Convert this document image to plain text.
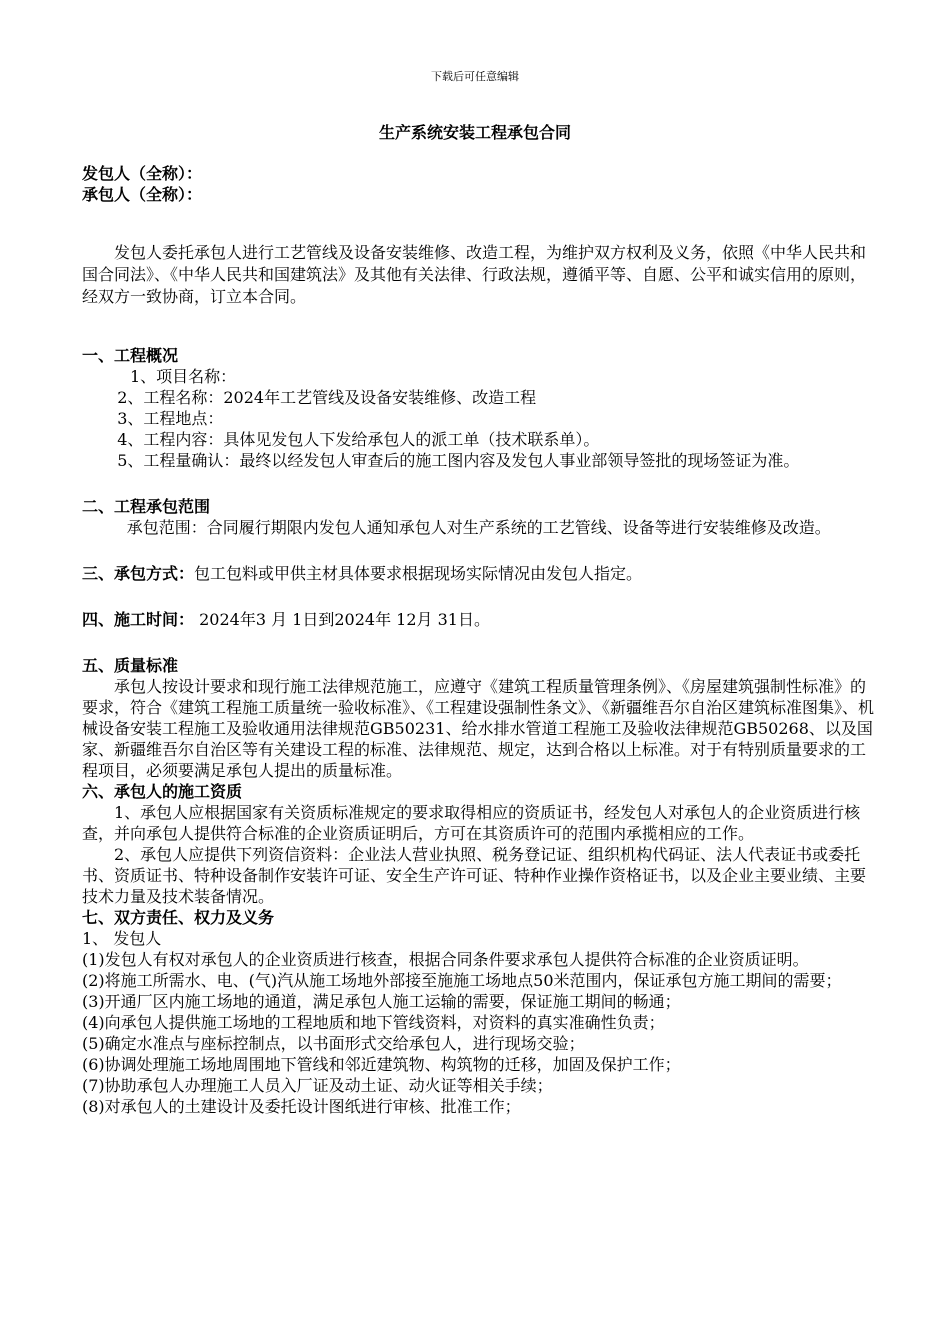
下载后可任意编辑
生产系统安装工程承包合同

发包人（全称）：

承包人（全称）：

发包人委托承包人进行工艺管线及设备安装维修、改造工程，为维护双方权利及义务，依照《中华人民共和国合同法》、《中华人民共和国建筑法》及其他有关法律、行政法规，遵循平等、自愿、公平和诚实信用的原则，经双方一致协商，订立本合同。

一、工程概况

1、项目名称：

2、工程名称：2024年工艺管线及设备安装维修、改造工程

3、工程地点：

4、工程内容：具体见发包人下发给承包人的派工单（技术联系单）。

5、工程量确认：最终以经发包人审查后的施工图内容及发包人事业部领导签批的现场签证为准。

二、工程承包范围

承包范围：合同履行期限内发包人通知承包人对生产系统的工艺管线、设备等进行安装维修及改造。

三、承包方式：包工包料或甲供主材具体要求根据现场实际情况由发包人指定。

四、施工时间： 2024年3 月 1日到2024年 12月 31日。

五、质量标准

承包人按设计要求和现行施工法律规范施工，应遵守《建筑工程质量管理条例》、《房屋建筑强制性标准》的要求，符合《建筑工程施工质量统一验收标准》、《工程建设强制性条文》、《新疆维吾尔自治区建筑标准图集》、机械设备安装工程施工及验收通用法律规范GB50231、给水排水管道工程施工及验收法律规范GB50268、以及国家、新疆维吾尔自治区等有关建设工程的标准、法律规范、规定，达到合格以上标准。对于有特别质量要求的工程项目，必须要满足承包人提出的质量标准。

六、承包人的施工资质

1、承包人应根据国家有关资质标准规定的要求取得相应的资质证书，经发包人对承包人的企业资质进行核查，并向承包人提供符合标准的企业资质证明后，方可在其资质许可的范围内承揽相应的工作。

2、承包人应提供下列资信资料：企业法人营业执照、税务登记证、组织机构代码证、法人代表证书或委托书、资质证书、特种设备制作安装许可证、安全生产许可证、特种作业操作资格证书，以及企业主要业绩、主要技术力量及技术装备情况。

七、双方责任、权力及义务

1、 发包人

(1)发包人有权对承包人的企业资质进行核查，根据合同条件要求承包人提供符合标准的企业资质证明。

(2)将施工所需水、电、(气)汽从施工场地外部接至施施工场地点50米范围内，保证承包方施工期间的需要；

(3)开通厂区内施工场地的通道，满足承包人施工运输的需要，保证施工期间的畅通；

(4)向承包人提供施工场地的工程地质和地下管线资料，对资料的真实准确性负责；

(5)确定水准点与座标控制点，以书面形式交给承包人，进行现场交验；

(6)协调处理施工场地周围地下管线和邻近建筑物、构筑物的迁移，加固及保护工作；

(7)协助承包人办理施工人员入厂证及动土证、动火证等相关手续；

(8)对承包人的土建设计及委托设计图纸进行审核、批准工作；
